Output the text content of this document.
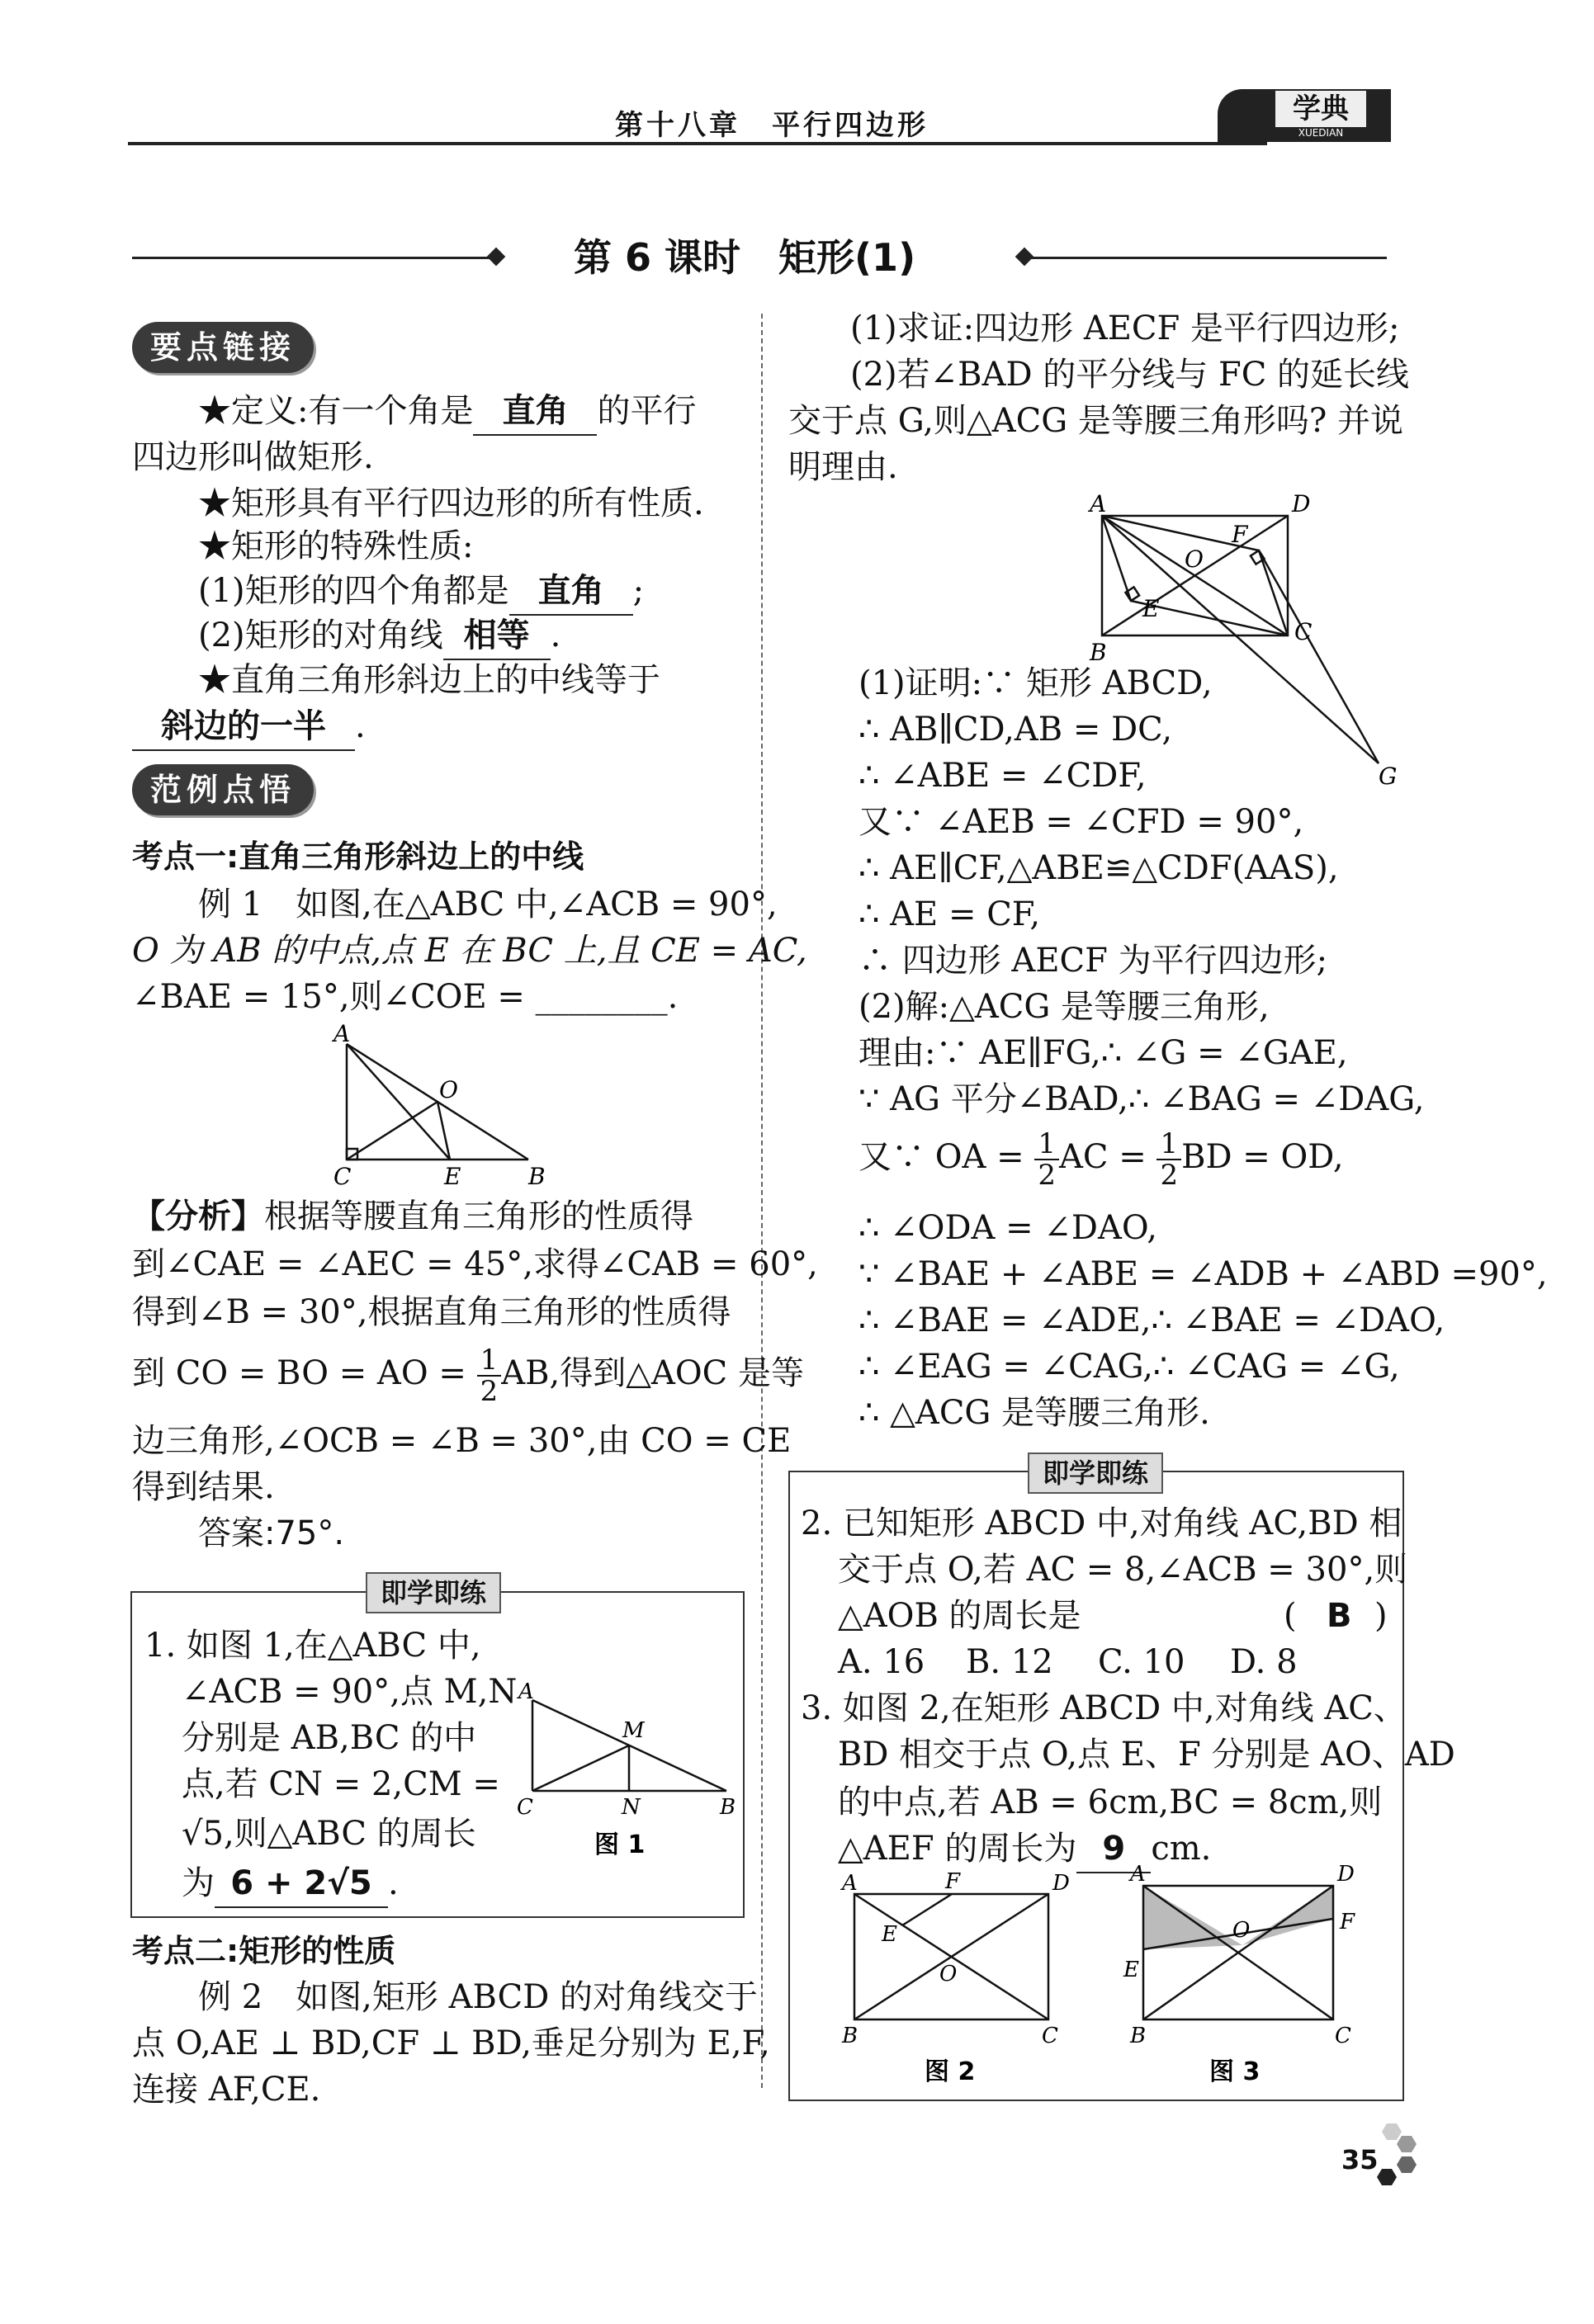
第十八章　平行四边形	学典
XUEDIAN
第 6 课时　矩形(1)
要点链接
★定义:有一个角是 直角 的平行
四边形叫做矩形.
★矩形具有平行四边形的所有性质.
★矩形的特殊性质:
(1)矩形的四个角都是 直角 ;
(2)矩形的对角线 相等 .
★直角三角形斜边上的中线等于
斜边的一半 .
范例点悟
考点一:直角三角形斜边上的中线
例 1　如图,在△ABC 中,∠ACB = 90°,
O 为 AB 的中点,点 E 在 BC 上,且 CE = AC,
∠BAE = 15°,则∠COE = ________.
A
O
C	E	B
【分析】根据等腰直角三角形的性质得
到∠CAE = ∠AEC = 45°,求得∠CAB = 60°,
得到∠B = 30°,根据直角三角形的性质得
到 CO = BO = AO = $\frac{1}{2}$ AB,得到△AOC 是等
边三角形,∠OCB = ∠B = 30°,由 CO = CE
得到结果.
答案:75°.
即学即练
1. 如图 1,在△ABC 中,
∠ACB = 90°,点 M,N
分别是 AB,BC 的中
点,若 CN = 2,CM =
√5,则△ABC 的周长
为 6 + 2√5 .
A
M
C	N	B
图 1
考点二:矩形的性质
例 2　如图,矩形 ABCD 的对角线交于
点 O,AE ⊥ BD,CF ⊥ BD,垂足分别为 E,F,
连接 AF,CE.
(1)求证:四边形 AECF 是平行四边形;
(2)若∠BAD 的平分线与 FC 的延长线
交于点 G,则△ACG 是等腰三角形吗? 并说
明理由.
A	D
F
O
E
B
C
G
(1)证明:∵ 矩形 ABCD,
∴ AB∥CD,AB = DC,
∴ ∠ABE = ∠CDF,
又∵ ∠AEB = ∠CFD = 90°,
∴ AE∥CF,△ABE≌△CDF(AAS),
∴ AE = CF,
∴ 四边形 AECF 为平行四边形;
(2)解:△ACG 是等腰三角形,
理由:∵ AE∥FG,∴ ∠G = ∠GAE,
∵ AG 平分∠BAD,∴ ∠BAG = ∠DAG,
又∵ OA = $\frac{1}{2}$ AC = $\frac{1}{2}$ BD = OD,
∴ ∠ODA = ∠DAO,
∵ ∠BAE + ∠ABE = ∠ADB + ∠ABD =90°,
∴ ∠BAE = ∠ADE,∴ ∠BAE = ∠DAO,
∴ ∠EAG = ∠CAG,∴ ∠CAG = ∠G,
∴ △ACG 是等腰三角形.
即学即练
2. 已知矩形 ABCD 中,对角线 AC,BD 相
交于点 O,若 AC = 8,∠ACB = 30°,则
△AOB 的周长是	( B )
A. 16 B. 12 C. 10 D. 8
3. 如图 2,在矩形 ABCD 中,对角线 AC、
BD 相交于点 O,点 E、F 分别是 AO、AD
的中点,若 AB = 6cm,BC = 8cm,则
△AEF 的周长为 9 cm.
A	F	D
E
O
B	C
图 2
A	D
F
O
E
B	C
图 3
35
